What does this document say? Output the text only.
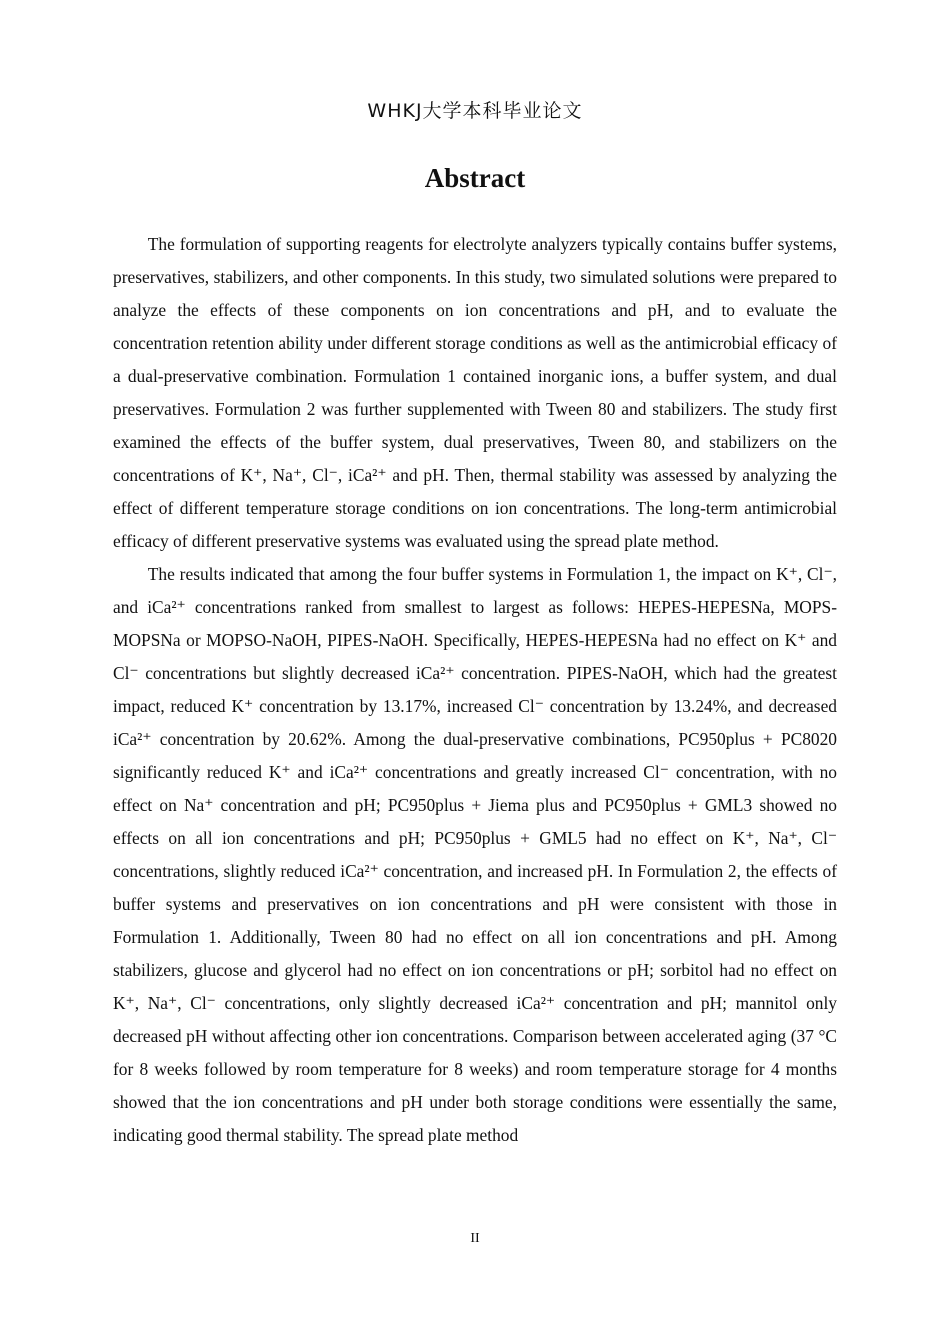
WHKJ大学本科毕业论文
Abstract

The formulation of supporting reagents for electrolyte analyzers typically contains buffer systems, preservatives, stabilizers, and other components. In this study, two simulated solutions were prepared to analyze the effects of these components on ion concentrations and pH, and to evaluate the concentration retention ability under different storage conditions as well as the antimicrobial efficacy of a dual-preservative combination. Formulation 1 contained inorganic ions, a buffer system, and dual preservatives. Formulation 2 was further supplemented with Tween 80 and stabilizers. The study first examined the effects of the buffer system, dual preservatives, Tween 80, and stabilizers on the concentrations of K⁺, Na⁺, Cl⁻, iCa²⁺ and pH. Then, thermal stability was assessed by analyzing the effect of different temperature storage conditions on ion concentrations. The long-term antimicrobial efficacy of different preservative systems was evaluated using the spread plate method.

The results indicated that among the four buffer systems in Formulation 1, the impact on K⁺, Cl⁻, and iCa²⁺ concentrations ranked from smallest to largest as follows: HEPES-HEPESNa, MOPS-MOPSNa or MOPSO-NaOH, PIPES-NaOH. Specifically, HEPES-HEPESNa had no effect on K⁺ and Cl⁻ concentrations but slightly decreased iCa²⁺ concentration. PIPES-NaOH, which had the greatest impact, reduced K⁺ concentration by 13.17%, increased Cl⁻ concentration by 13.24%, and decreased iCa²⁺ concentration by 20.62%. Among the dual-preservative combinations, PC950plus + PC8020 significantly reduced K⁺ and iCa²⁺ concentrations and greatly increased Cl⁻ concentration, with no effect on Na⁺ concentration and pH; PC950plus + Jiema plus and PC950plus + GML3 showed no effects on all ion concentrations and pH; PC950plus + GML5 had no effect on K⁺, Na⁺, Cl⁻ concentrations, slightly reduced iCa²⁺ concentration, and increased pH. In Formulation 2, the effects of buffer systems and preservatives on ion concentrations and pH were consistent with those in Formulation 1. Additionally, Tween 80 had no effect on all ion concentrations and pH. Among stabilizers, glucose and glycerol had no effect on ion concentrations or pH; sorbitol had no effect on K⁺, Na⁺, Cl⁻ concentrations, only slightly decreased iCa²⁺ concentration and pH; mannitol only decreased pH without affecting other ion concentrations. Comparison between accelerated aging (37 °C for 8 weeks followed by room temperature for 8 weeks) and room temperature storage for 4 months showed that the ion concentrations and pH under both storage conditions were essentially the same, indicating good thermal stability. The spread plate method

II
